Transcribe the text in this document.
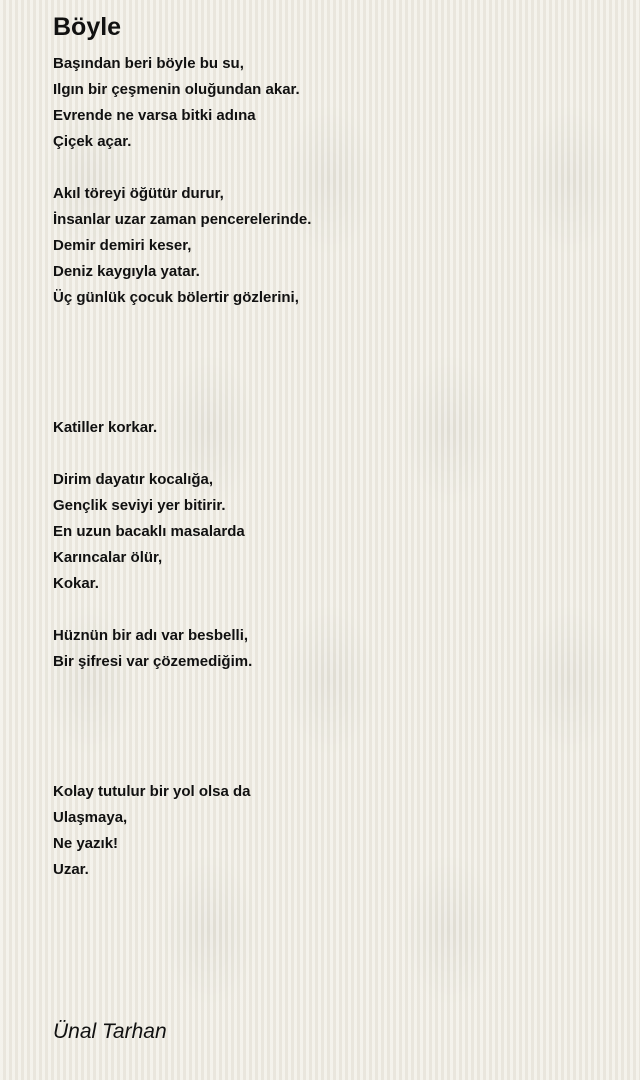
Böyle
Başından beri böyle bu su,
Ilgın bir çeşmenin oluğundan akar.
Evrende ne varsa bitki adına
Çiçek açar.
Akıl töreyi öğütür durur,
İnsanlar uzar zaman pencerelerinde.
Demir demiri keser,
Deniz kaygıyla yatar.
Üç günlük çocuk bölertir gözlerini,
Katiller korkar.
Dirim dayatır kocalığa,
Gençlik seviyi yer bitirir.
En uzun bacaklı masalarda
Karıncalar ölür,
Kokar.
Hüznün bir adı var besbelli,
Bir şifresi var çözemediğim.
Kolay tutulur bir yol olsa da
Ulaşmaya,
Ne yazık!
Uzar.
Ünal Tarhan
